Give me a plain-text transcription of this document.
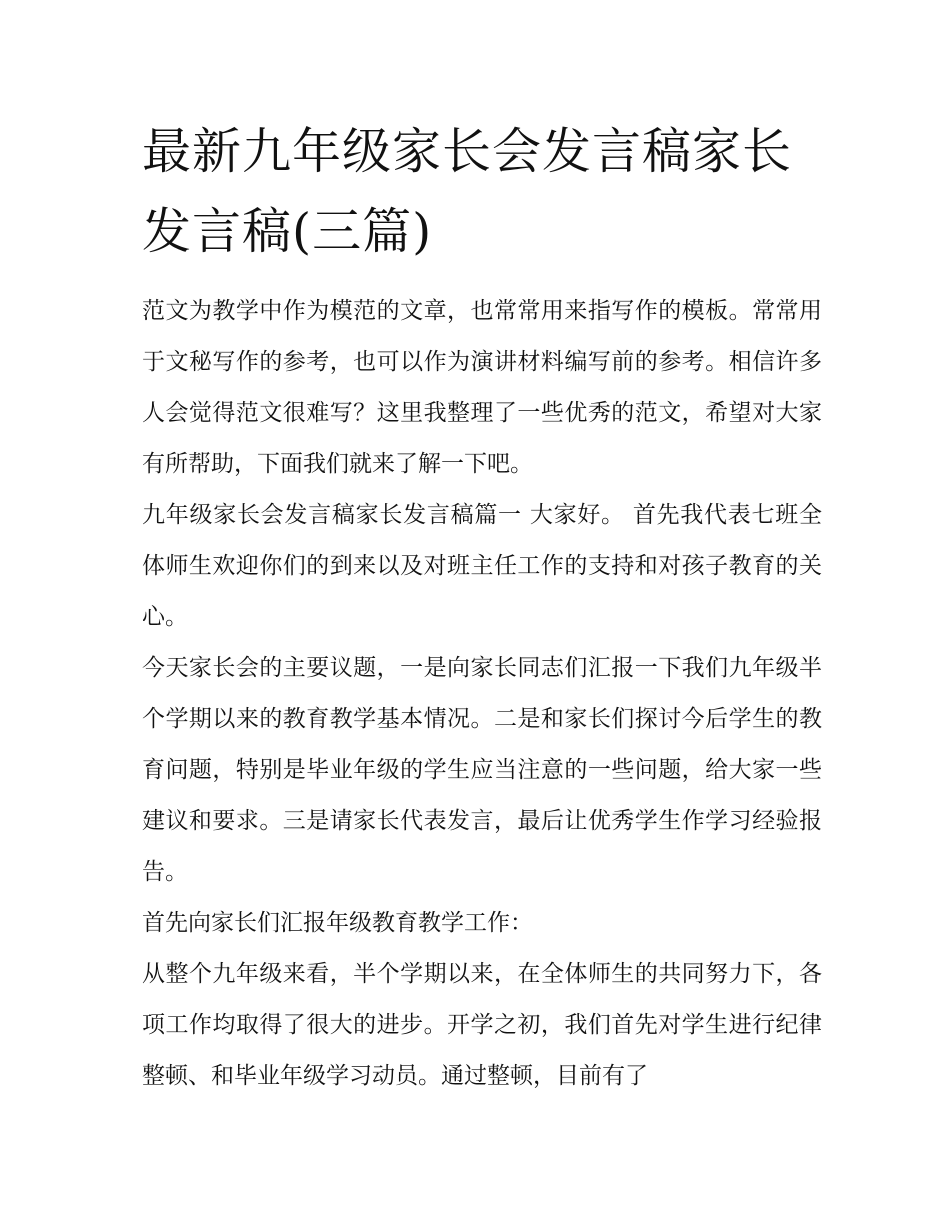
最新九年级家长会发言稿家长发言稿(三篇)

范文为教学中作为模范的文章，也常常用来指写作的模板。常常用于文秘写作的参考，也可以作为演讲材料编写前的参考。相信许多人会觉得范文很难写？这里我整理了一些优秀的范文，希望对大家有所帮助，下面我们就来了解一下吧。

九年级家长会发言稿家长发言稿篇一 大家好。 首先我代表七班全体师生欢迎你们的到来以及对班主任工作的支持和对孩子教育的关心。

今天家长会的主要议题，一是向家长同志们汇报一下我们九年级半个学期以来的教育教学基本情况。二是和家长们探讨今后学生的教育问题，特别是毕业年级的学生应当注意的一些问题，给大家一些建议和要求。三是请家长代表发言，最后让优秀学生作学习经验报告。

首先向家长们汇报年级教育教学工作：

从整个九年级来看，半个学期以来，在全体师生的共同努力下，各项工作均取得了很大的进步。开学之初，我们首先对学生进行纪律整顿、和毕业年级学习动员。通过整顿，目前有了
